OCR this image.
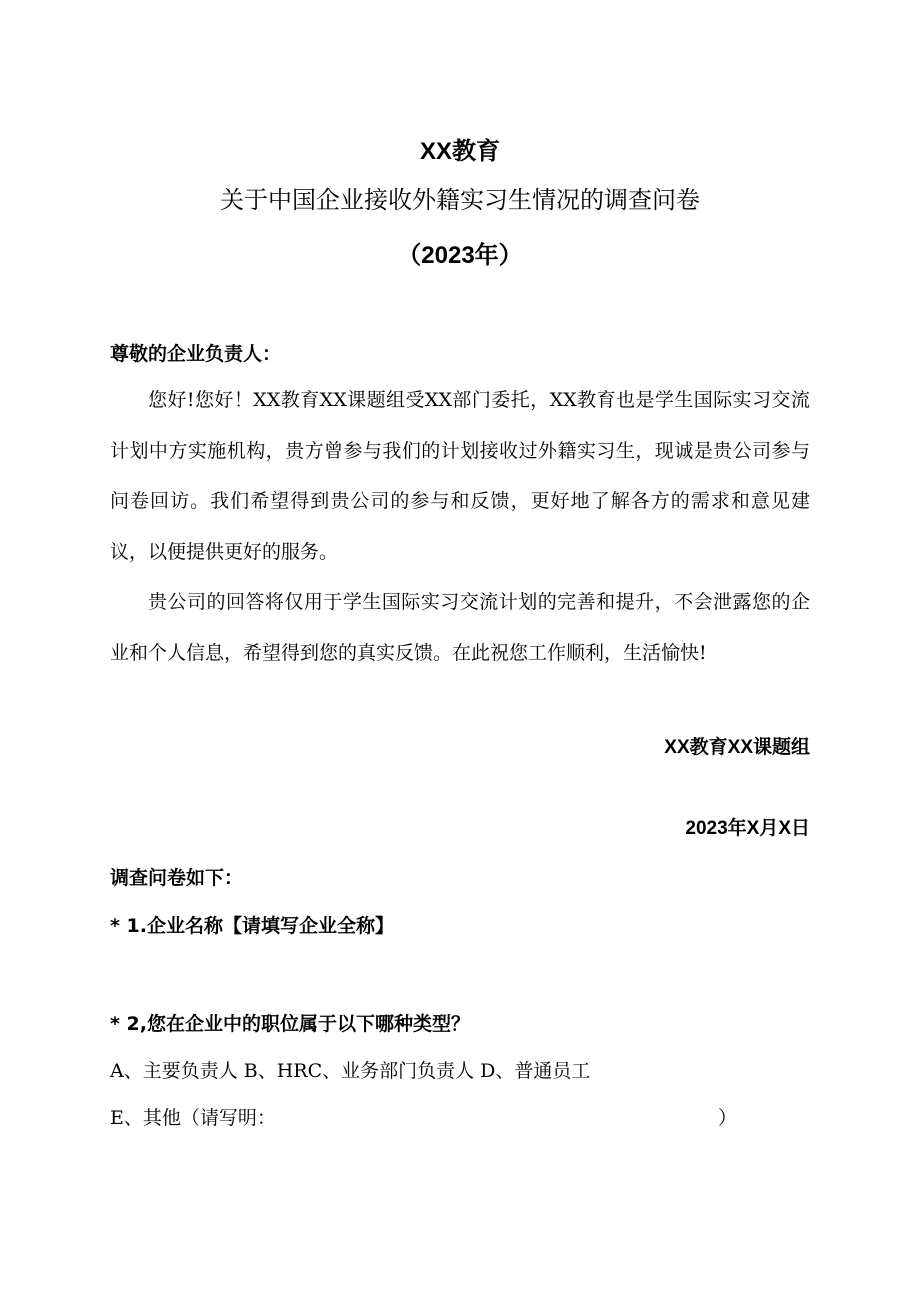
XX教育
关于中国企业接收外籍实习生情况的调查问卷
（2023年）
尊敬的企业负责人：

您好!您好！XX教育XX课题组受XX部门委托，XX教育也是学生国际实习交流计划中方实施机构，贵方曾参与我们的计划接收过外籍实习生，现诚是贵公司参与问卷回访。我们希望得到贵公司的参与和反馈，更好地了解各方的需求和意见建议，以便提供更好的服务。

贵公司的回答将仅用于学生国际实习交流计划的完善和提升，不会泄露您的企业和个人信息，希望得到您的真实反馈。在此祝您工作顺利，生活愉快!

XX教育XX课题组
2023年X月X日
调查问卷如下：
* 1.企业名称【请填写企业全称】
* 2,您在企业中的职位属于以下哪种类型？
A、主要负责人 B、HRC、业务部门负责人 D、普通员工
E、其他（请写明：	）
